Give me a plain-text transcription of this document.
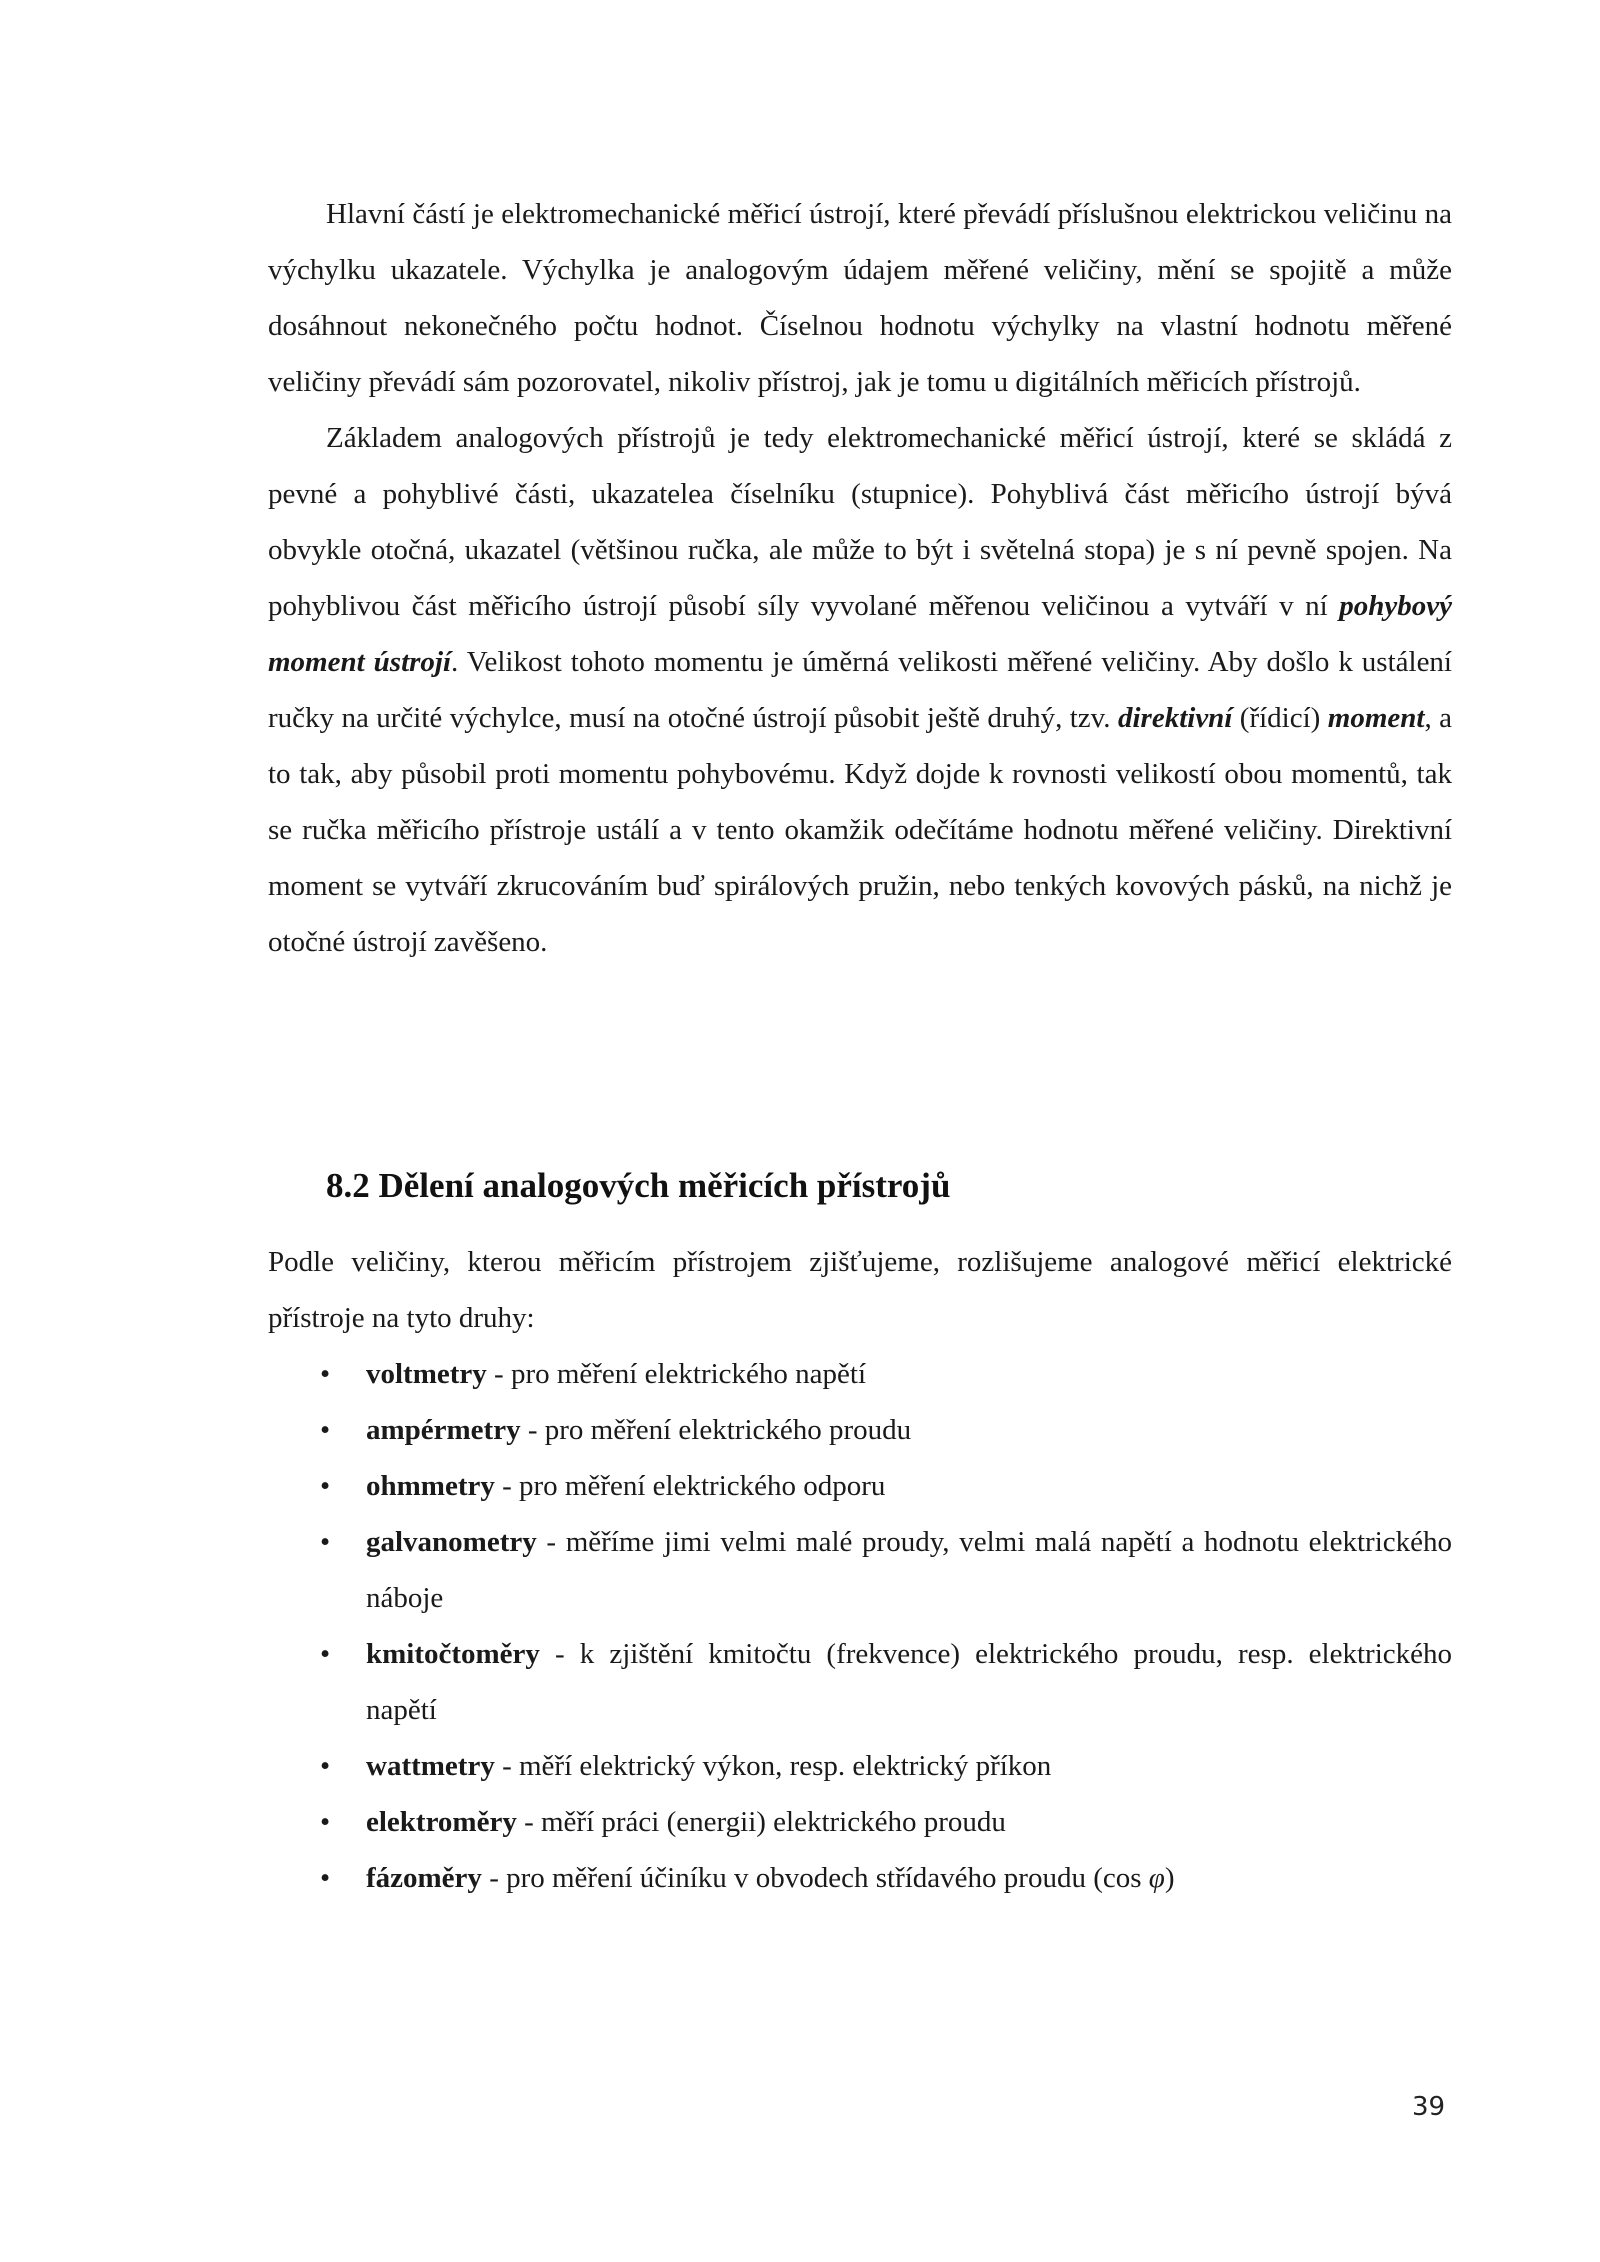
Hlavní částí je elektromechanické měřicí ústrojí, které převádí příslušnou elektrickou veličinu na výchylku ukazatele. Výchylka je analogovým údajem měřené veličiny, mění se spojitě a může dosáhnout nekonečného počtu hodnot. Číselnou hodnotu výchylky na vlastní hodnotu měřené veličiny převádí sám pozorovatel, nikoliv přístroj, jak je tomu u digitálních měřicích přístrojů.

Základem analogových přístrojů je tedy elektromechanické měřicí ústrojí, které se skládá z pevné a pohyblivé části, ukazatelea číselníku (stupnice). Pohyblivá část měřicího ústrojí bývá obvykle otočná, ukazatel (většinou ručka, ale může to být i světelná stopa) je s ní pevně spojen. Na pohyblivou část měřicího ústrojí působí síly vyvolané měřenou veličinou a vytváří v ní pohybový moment ústrojí. Velikost tohoto momentu je úměrná velikosti měřené veličiny. Aby došlo k ustálení ručky na určité výchylce, musí na otočné ústrojí působit ještě druhý, tzv. direktivní (řídicí) moment, a to tak, aby působil proti momentu pohybovému. Když dojde k rovnosti velikostí obou momentů, tak se ručka měřicího přístroje ustálí a v tento okamžik odečítáme hodnotu měřené veličiny. Direktivní moment se vytváří zkrucováním buď spirálových pružin, nebo tenkých kovových pásků, na nichž je otočné ústrojí zavěšeno.

8.2 Dělení analogových měřicích přístrojů

Podle veličiny, kterou měřicím přístrojem zjišťujeme, rozlišujeme analogové měřicí elektrické přístroje na tyto druhy:

• voltmetry - pro měření elektrického napětí
• ampérmetry - pro měření elektrického proudu
• ohmmetry - pro měření elektrického odporu
• galvanometry - měříme jimi velmi malé proudy, velmi malá napětí a hodnotu elektrického náboje
• kmitočtoměry - k zjištění kmitočtu (frekvence) elektrického proudu, resp. elektrického napětí
• wattmetry - měří elektrický výkon, resp. elektrický příkon
• elektroměry - měří práci (energii) elektrického proudu
• fázoměry - pro měření účiníku v obvodech střídavého proudu (cos φ)
39
